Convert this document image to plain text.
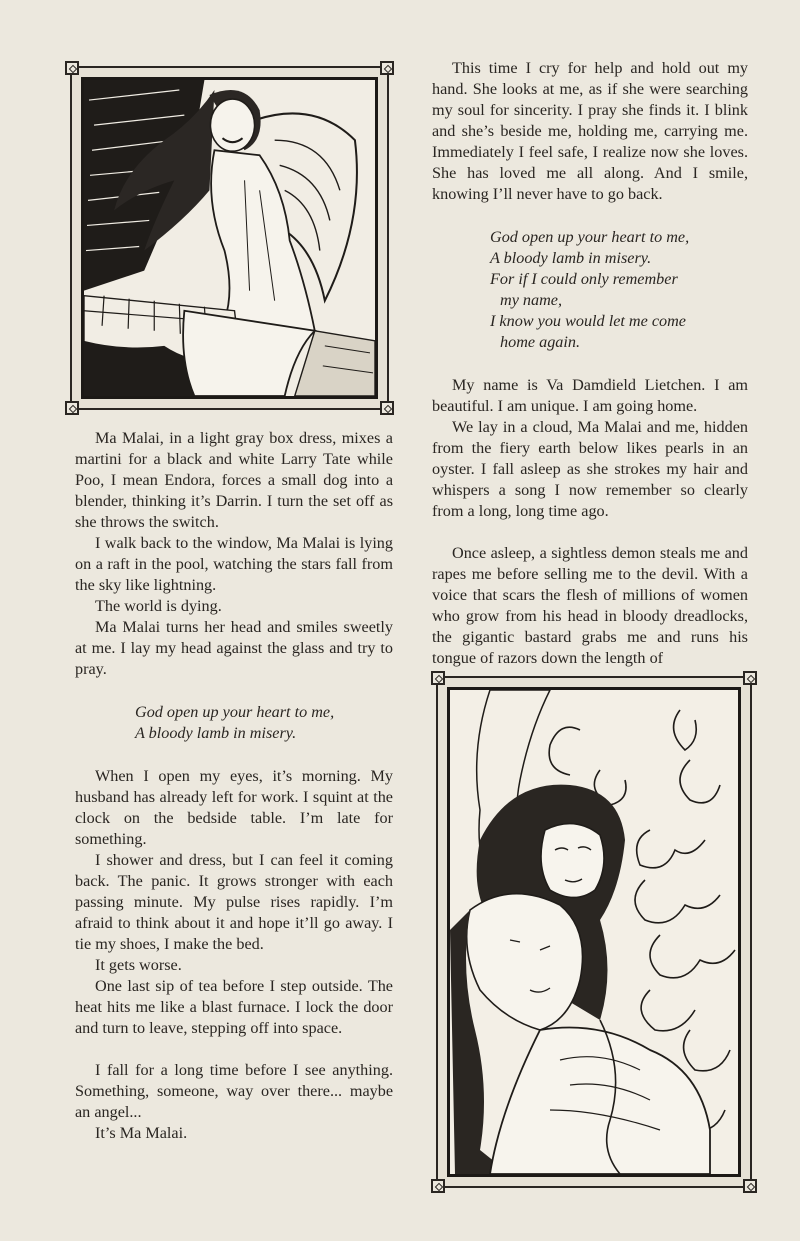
This time I cry for help and hold out my hand. She looks at me, as if she were searching my soul for sincerity. I pray she finds it. I blink and she’s beside me, holding me, carrying me. Immediately I feel safe, I realize now she loves. She has loved me all along. And I smile, knowing I’ll never have to go back.

God open up your heart to me,
A bloody lamb in misery.
For if I could only remember
my name,
I know you would let me come
home again.

My name is Va Damdield Lietchen. I am beautiful. I am unique. I am going home.

We lay in a cloud, Ma Malai and me, hidden from the fiery earth below likes pearls in an oyster. I fall asleep as she strokes my hair and whispers a song I now remember so clearly from a long, long time ago.

Once asleep, a sightless demon steals me and rapes me before selling me to the devil. With a voice that scars the flesh of millions of women who grow from his head in bloody dreadlocks, the gigantic bastard grabs me and runs his tongue of razors down the length of

Ma Malai, in a light gray box dress, mixes a martini for a black and white Larry Tate while Poo, I mean Endora, forces a small dog into a blender, thinking it’s Darrin. I turn the set off as she throws the switch.

I walk back to the window, Ma Malai is lying on a raft in the pool, watching the stars fall from the sky like lightning.

The world is dying.

Ma Malai turns her head and smiles sweetly at me. I lay my head against the glass and try to pray.

God open up your heart to me,
A bloody lamb in misery.

When I open my eyes, it’s morning. My husband has already left for work. I squint at the clock on the bedside table. I’m late for something.

I shower and dress, but I can feel it coming back. The panic. It grows stronger with each passing minute. My pulse rises rapidly. I’m afraid to think about it and hope it’ll go away. I tie my shoes, I make the bed.

It gets worse.

One last sip of tea before I step outside. The heat hits me like a blast furnace. I lock the door and turn to leave, stepping off into space.

I fall for a long time before I see anything. Something, someone, way over there... maybe an angel...

It’s Ma Malai.
